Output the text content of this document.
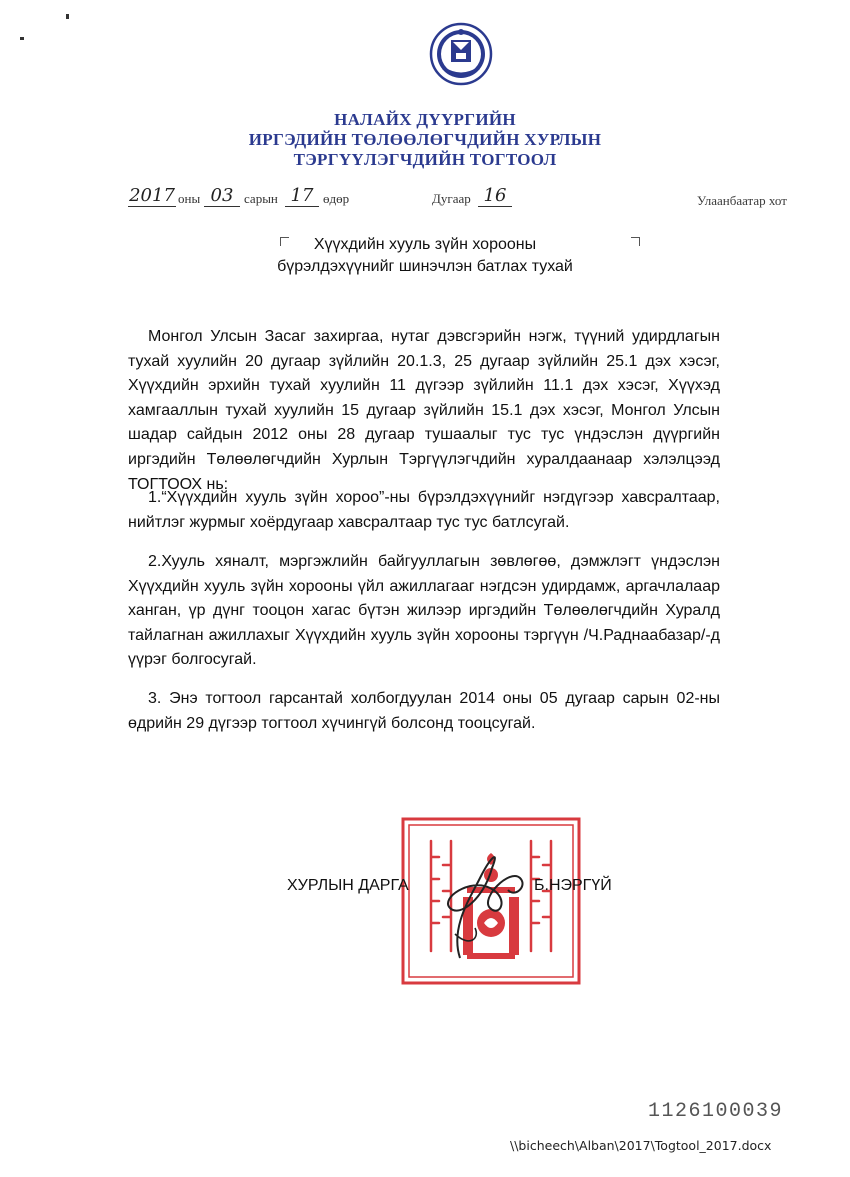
НАЛАЙХ ДҮҮРГИЙН
ИРГЭДИЙН ТӨЛӨӨЛӨГЧДИЙН ХУРЛЫН
ТЭРГҮҮЛЭГЧДИЙН ТОГТООЛ
2017 оны 03 сарын 17 өдөр	Дугаар 16	Улаанбаатар хот
Хүүхдийн хууль зүйн хорооны
бүрэлдэхүүнийг шинэчлэн батлах тухай
Монгол Улсын Засаг захиргаа, нутаг дэвсгэрийн нэгж, түүний удирдлагын тухай хуулийн 20 дугаар зүйлийн 20.1.3, 25 дугаар зүйлийн 25.1 дэх хэсэг, Хүүхдийн эрхийн тухай хуулийн 11 дүгээр зүйлийн 11.1 дэх хэсэг, Хүүхэд хамгааллын тухай хуулийн 15 дугаар зүйлийн 15.1 дэх хэсэг, Монгол Улсын шадар сайдын 2012 оны 28 дугаар тушаалыг тус тус үндэслэн дүүргийн иргэдийн Төлөөлөгчдийн Хурлын Тэргүүлэгчдийн хуралдаанаар хэлэлцээд ТОГТООХ нь:
1.“Хүүхдийн хууль зүйн хороо”-ны бүрэлдэхүүнийг нэгдүгээр хавсралтаар, нийтлэг журмыг хоёрдугаар хавсралтаар тус тус батлсугай.
2.Хууль хяналт, мэргэжлийн байгууллагын зөвлөгөө, дэмжлэгт үндэслэн Хүүхдийн хууль зүйн хорооны үйл ажиллагааг нэгдсэн удирдамж, аргачлалаар ханган, үр дүнг тооцон хагас бүтэн жилээр иргэдийн Төлөөлөгчдийн Хуралд тайлагнан ажиллахыг Хүүхдийн хууль зүйн хорооны тэргүүн /Ч.Раднаабазар/-д үүрэг болгосугай.
3. Энэ тогтоол гарсантай холбогдуулан 2014 оны 05 дугаар сарын 02-ны өдрийн 29 дүгээр тогтоол хүчингүй болсонд тооцсугай.
ХУРЛЫН ДАРГА	Б.НЭРГҮЙ
1126100039
\\bicheech\Alban\2017\Togtool_2017.docx
